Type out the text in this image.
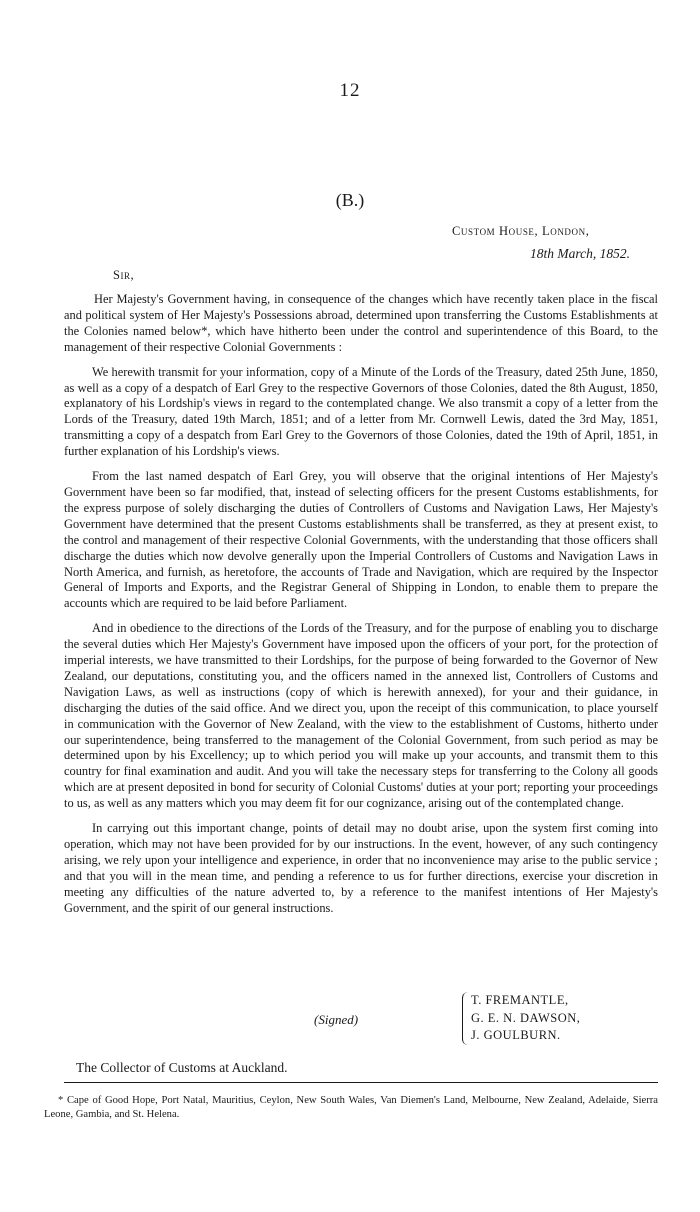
12
(B.)
Custom House, London,
18th March, 1852.
Sir,

Her Majesty's Government having, in consequence of the changes which have recently taken place in the fiscal and political system of Her Majesty's Possessions abroad, determined upon transferring the Customs Establishments at the Colonies named below*, which have hitherto been under the control and superintendence of this Board, to the management of their respective Colonial Governments :

We herewith transmit for your information, copy of a Minute of the Lords of the Treasury, dated 25th June, 1850, as well as a copy of a despatch of Earl Grey to the respective Governors of those Colonies, dated the 8th August, 1850, explanatory of his Lordship's views in regard to the contemplated change. We also transmit a copy of a letter from the Lords of the Treasury, dated 19th March, 1851; and of a letter from Mr. Cornwell Lewis, dated the 3rd May, 1851, transmitting a copy of a despatch from Earl Grey to the Governors of those Colonies, dated the 19th of April, 1851, in further explanation of his Lordship's views.

From the last named despatch of Earl Grey, you will observe that the original intentions of Her Majesty's Government have been so far modified, that, instead of selecting officers for the present Customs establishments, for the express purpose of solely discharging the duties of Controllers of Customs and Navigation Laws, Her Majesty's Government have determined that the present Customs establishments shall be transferred, as they at present exist, to the control and management of their respective Colonial Governments, with the understanding that those officers shall discharge the duties which now devolve generally upon the Imperial Controllers of Customs and Navigation Laws in North America, and furnish, as heretofore, the accounts of Trade and Navigation, which are required by the Inspector General of Imports and Exports, and the Registrar General of Shipping in London, to enable them to prepare the accounts which are required to be laid before Parliament.

And in obedience to the directions of the Lords of the Treasury, and for the purpose of enabling you to discharge the several duties which Her Majesty's Government have imposed upon the officers of your port, for the protection of imperial interests, we have transmitted to their Lordships, for the purpose of being forwarded to the Governor of New Zealand, our deputations, constituting you, and the officers named in the annexed list, Controllers of Customs and Navigation Laws, as well as instructions (copy of which is herewith annexed), for your and their guidance, in discharging the duties of the said office. And we direct you, upon the receipt of this communication, to place yourself in communication with the Governor of New Zealand, with the view to the establishment of Customs, hitherto under our superintendence, being transferred to the management of the Colonial Government, from such period as may be determined upon by his Excellency; up to which period you will make up your accounts, and transmit them to this country for final examination and audit. And you will take the necessary steps for transferring to the Colony all goods which are at present deposited in bond for security of Colonial Customs' duties at your port; reporting your proceedings to us, as well as any matters which you may deem fit for our cognizance, arising out of the contemplated change.

In carrying out this important change, points of detail may no doubt arise, upon the system first coming into operation, which may not have been provided for by our instructions. In the event, however, of any such contingency arising, we rely upon your intelligence and experience, in order that no inconvenience may arise to the public service ; and that you will in the mean time, and pending a reference to us for further directions, exercise your discretion in meeting any difficulties of the nature adverted to, by a reference to the manifest intentions of Her Majesty's Government, and the spirit of our general instructions.

(Signed)
T. FREMANTLE,
G. E. N. DAWSON,
J. GOULBURN.
The Collector of Customs at Auckland.
* Cape of Good Hope, Port Natal, Mauritius, Ceylon, New South Wales, Van Diemen's Land, Melbourne, New Zealand, Adelaide, Sierra Leone, Gambia, and St. Helena.
